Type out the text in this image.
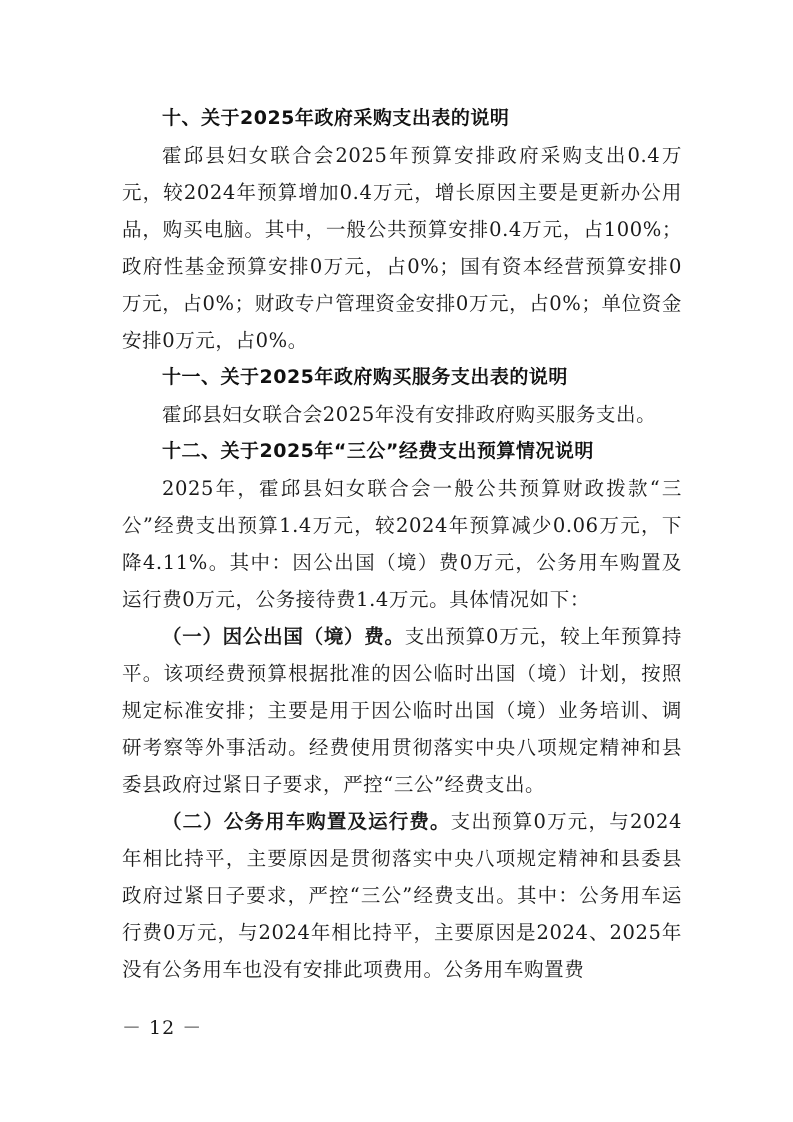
十、关于2025年政府采购支出表的说明

霍邱县妇女联合会2025年预算安排政府采购支出0.4万元，较2024年预算增加0.4万元，增长原因主要是更新办公用品，购买电脑。其中，一般公共预算安排0.4万元，占100%；政府性基金预算安排0万元，占0%；国有资本经营预算安排0万元，占0%；财政专户管理资金安排0万元，占0%；单位资金安排0万元，占0%。

十一、关于2025年政府购买服务支出表的说明

霍邱县妇女联合会2025年没有安排政府购买服务支出。

十二、关于2025年“三公”经费支出预算情况说明

2025年，霍邱县妇女联合会一般公共预算财政拨款“三公”经费支出预算1.4万元，较2024年预算减少0.06万元，下降4.11%。其中：因公出国（境）费0万元，公务用车购置及运行费0万元，公务接待费1.4万元。具体情况如下：

（一）因公出国（境）费。支出预算0万元，较上年预算持平。该项经费预算根据批准的因公临时出国（境）计划，按照规定标准安排；主要是用于因公临时出国（境）业务培训、调研考察等外事活动。经费使用贯彻落实中央八项规定精神和县委县政府过紧日子要求，严控“三公”经费支出。

（二）公务用车购置及运行费。支出预算0万元，与2024年相比持平，主要原因是贯彻落实中央八项规定精神和县委县政府过紧日子要求，严控“三公”经费支出。其中：公务用车运行费0万元，与2024年相比持平，主要原因是2024、2025年没有公务用车也没有安排此项费用。公务用车购置费

－ 12 －
